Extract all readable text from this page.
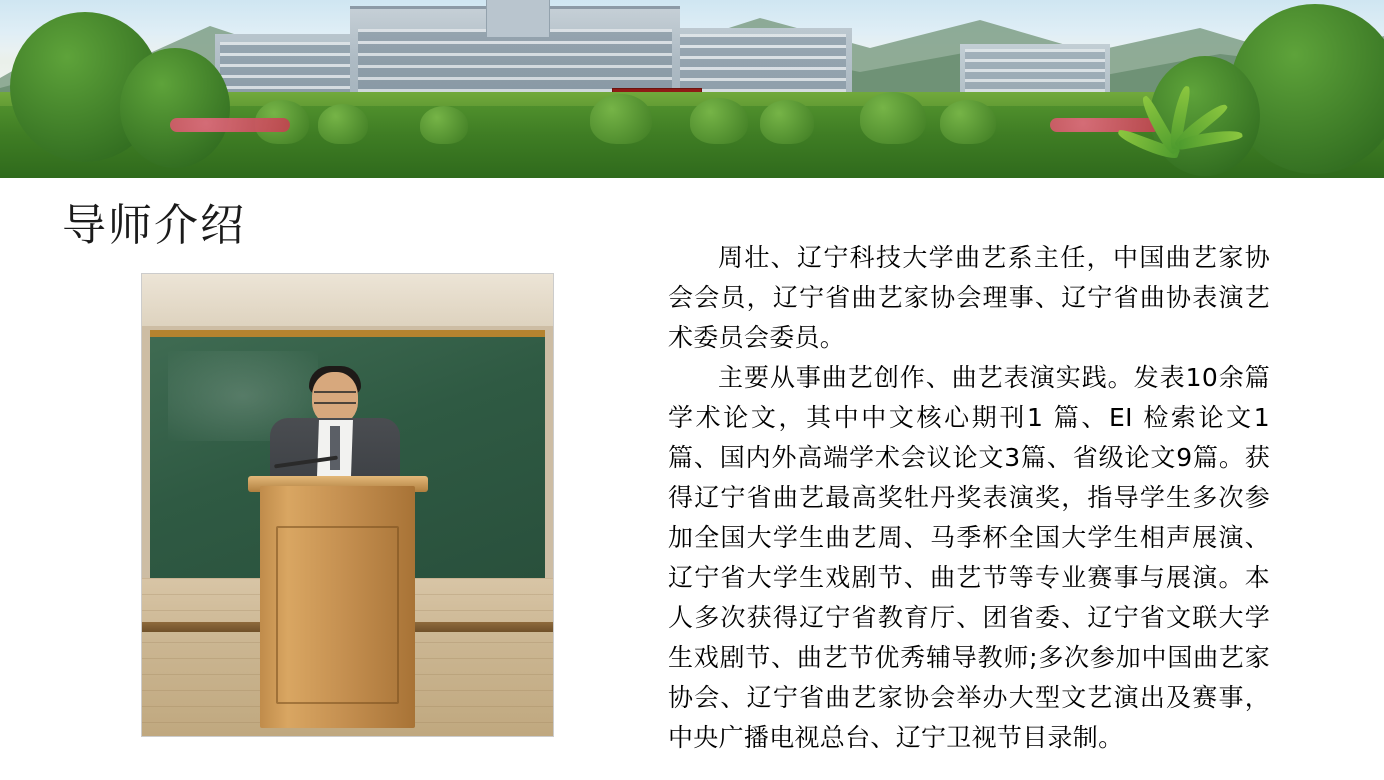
导师介绍

周壮、辽宁科技大学曲艺系主任，中国曲艺家协会会员，辽宁省曲艺家协会理事、辽宁省曲协表演艺术委员会委员。

主要从事曲艺创作、曲艺表演实践。发表10余篇学术论文，其中中文核心期刊1 篇、EI 检索论文1篇、国内外高端学术会议论文3篇、省级论文9篇。获得辽宁省曲艺最高奖牡丹奖表演奖，指导学生多次参加全国大学生曲艺周、马季杯全国大学生相声展演、辽宁省大学生戏剧节、曲艺节等专业赛事与展演。本人多次获得辽宁省教育厅、团省委、辽宁省文联大学生戏剧节、曲艺节优秀辅导教师;多次参加中国曲艺家协会、辽宁省曲艺家协会举办大型文艺演出及赛事，中央广播电视总台、辽宁卫视节目录制。
